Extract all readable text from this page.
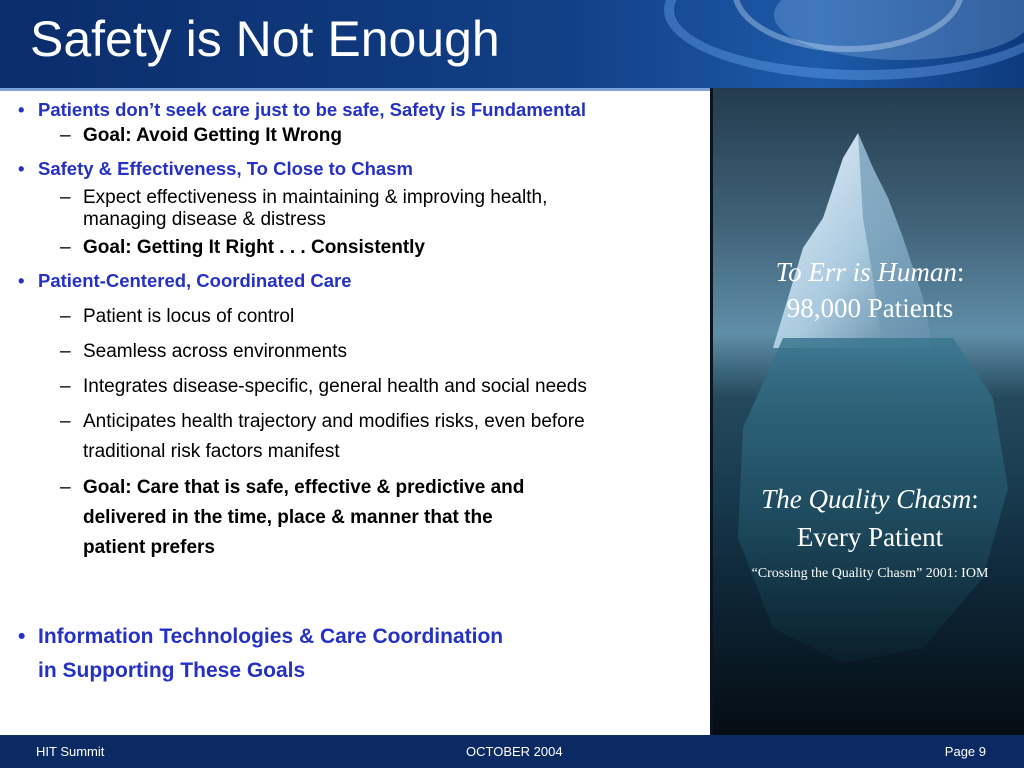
Safety is Not Enough
• Patients don’t seek care just to be safe, Safety is Fundamental
– Goal: Avoid Getting It Wrong
• Safety & Effectiveness, To Close to Chasm
– Expect effectiveness in maintaining & improving health,
managing disease & distress
– Goal: Getting It Right . . . Consistently
• Patient-Centered, Coordinated Care
– Patient is locus of control
– Seamless across environments
– Integrates disease-specific, general health and social needs
– Anticipates health trajectory and modifies risks, even before
traditional risk factors manifest
– Goal: Care that is safe, effective & predictive and
delivered in the time, place & manner that the
patient prefers
• Information Technologies & Care Coordination
in Supporting These Goals
To Err is Human:
98,000 Patients
The Quality Chasm:
Every Patient
“Crossing the Quality Chasm” 2001: IOM
HIT Summit	OCTOBER 2004	Page 9
